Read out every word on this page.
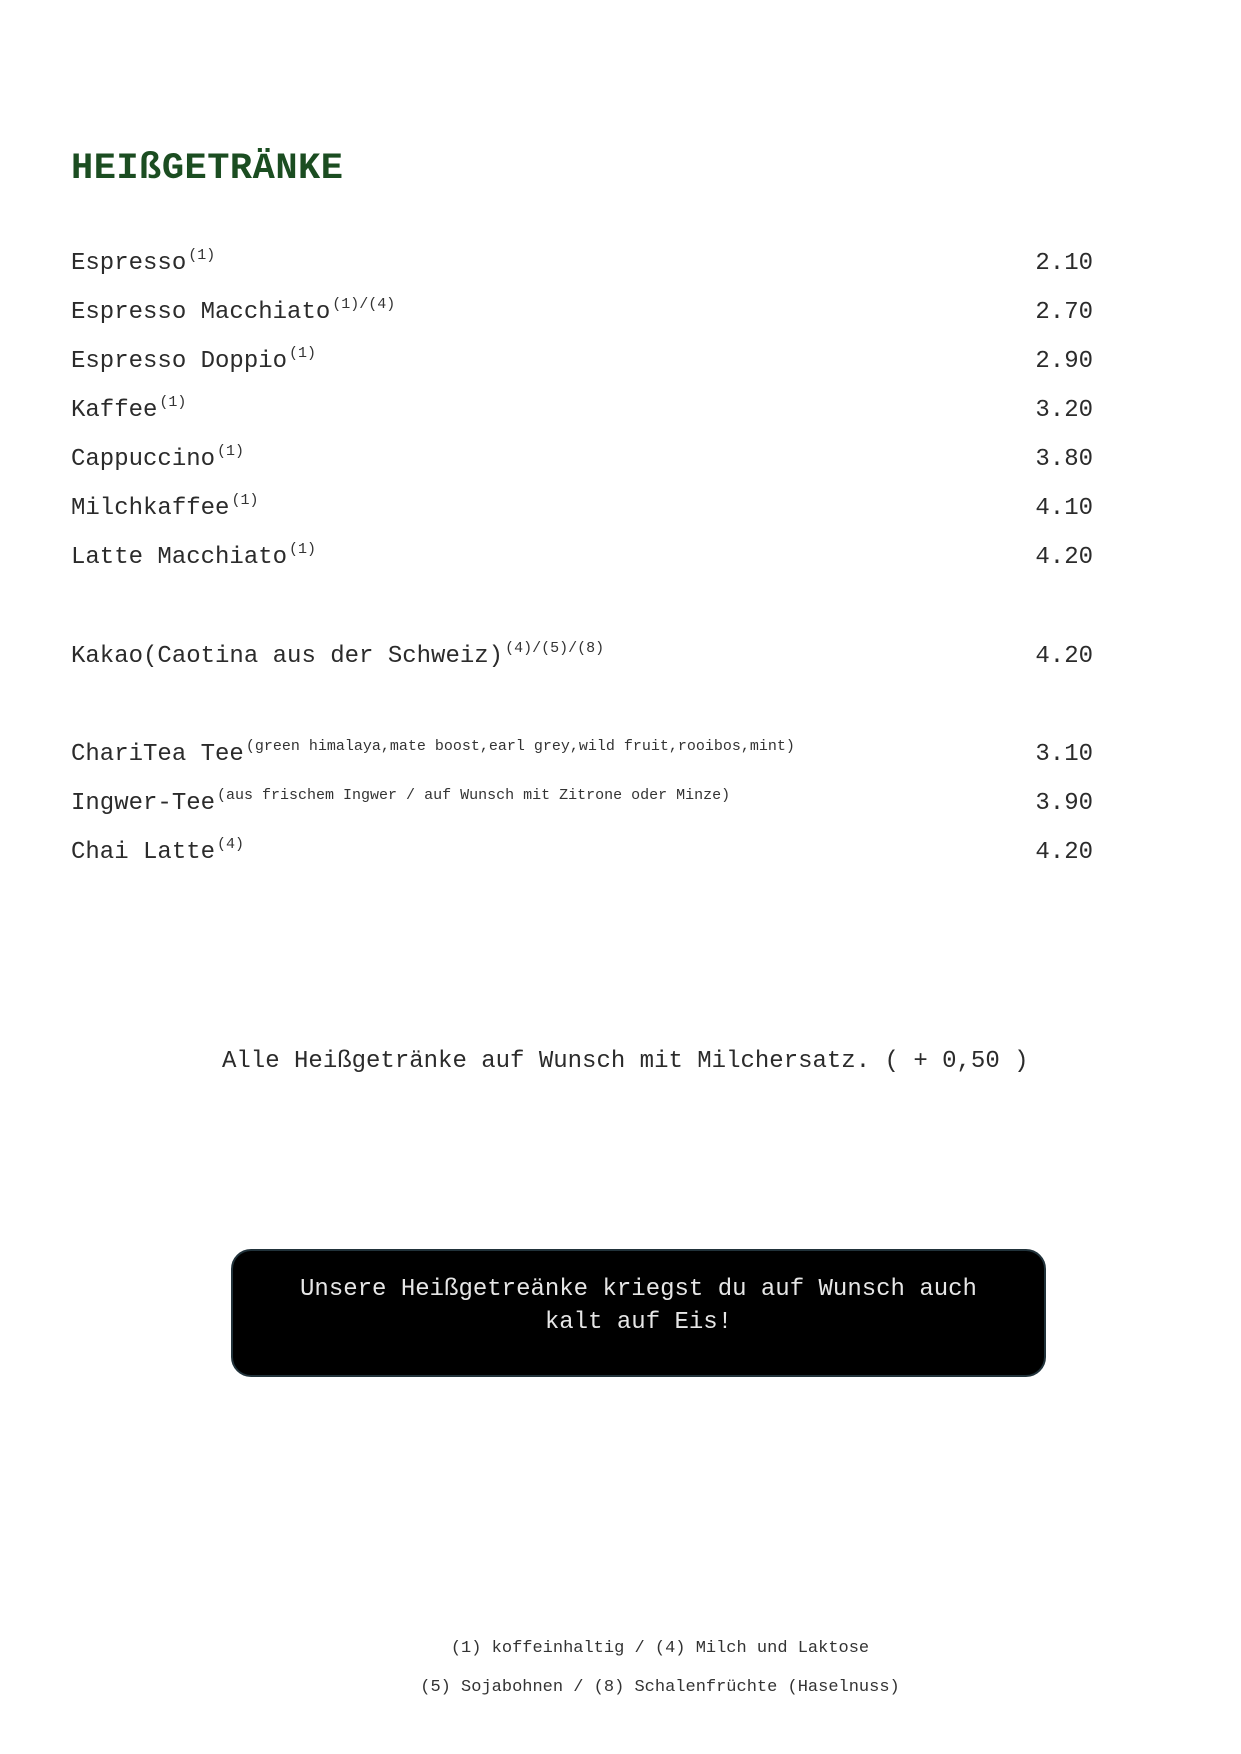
HEIßGETRÄNKE
Espresso $^{(1)}$	2.10
Espresso Macchiato $^{(1)/(4)}$	2.70
Espresso Doppio $^{(1)}$	2.90
Kaffee $^{(1)}$	3.20
Cappuccino $^{(1)}$	3.80
Milchkaffee $^{(1)}$	4.10
Latte Macchiato $^{(1)}$	4.20
Kakao(Caotina aus der Schweiz) $^{(4)/(5)/(8)}$	4.20
ChariTea Tee $^{(green himalaya,mate boost,earl grey,wild fruit,rooibos,mint)}$	3.10
Ingwer-Tee $^{(aus frischem Ingwer / auf Wunsch mit Zitrone oder Minze)}$	3.90
Chai Latte $^{(4)}$	4.20
Alle Heißgetränke auf Wunsch mit Milchersatz. ( + 0,50 )
Unsere Heißgetreänke kriegst du auf Wunsch auch
kalt auf Eis!
(1) koffeinhaltig / (4) Milch und Laktose
(5) Sojabohnen / (8) Schalenfrüchte (Haselnuss)
